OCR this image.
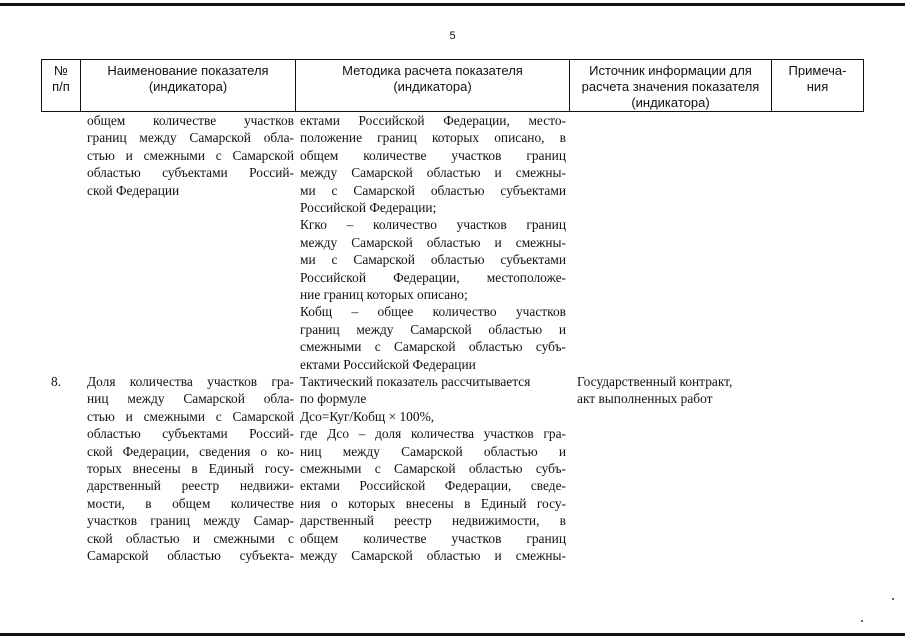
5
№
п/п
Наименование показателя
(индикатора)
Методика расчета показателя
(индикатора)
Источник информации для
расчета значения показателя
(индикатора)
Примеча-
ния
общем количестве участков
границ между Самарской обла-
стью и смежными с Самарской
областью субъектами Россий-
ской Федерации
ектами Российской Федерации, место-
положение границ которых описано, в
общем количестве участков границ
между Самарской областью и смежны-
ми с Самарской областью субъектами
Российской Федерации;
Кгко – количество участков границ
между Самарской областью и смежны-
ми с Самарской областью субъектами
Российской Федерации, местоположе-
ние границ которых описано;
Кобщ – общее количество участков
границ между Самарской областью и
смежными с Самарской областью субъ-
ектами Российской Федерации
8. Доля количества участков гра-
ниц между Самарской обла-
стью и смежными с Самарской
областью субъектами Россий-
ской Федерации, сведения о ко-
торых внесены в Единый госу-
дарственный реестр недвижи-
мости, в общем количестве
участков границ между Самар-
ской областью и смежными с
Самарской областью субъекта-
Тактический показатель рассчитывается
по формуле
Дсо=Куг/Кобщ × 100%,
где Дсо – доля количества участков гра-
ниц между Самарской областью и
смежными с Самарской областью субъ-
ектами Российской Федерации, сведе-
ния о которых внесены в Единый госу-
дарственный реестр недвижимости, в
общем количестве участков границ
между Самарской областью и смежны-
Государственный контракт,
акт выполненных работ
